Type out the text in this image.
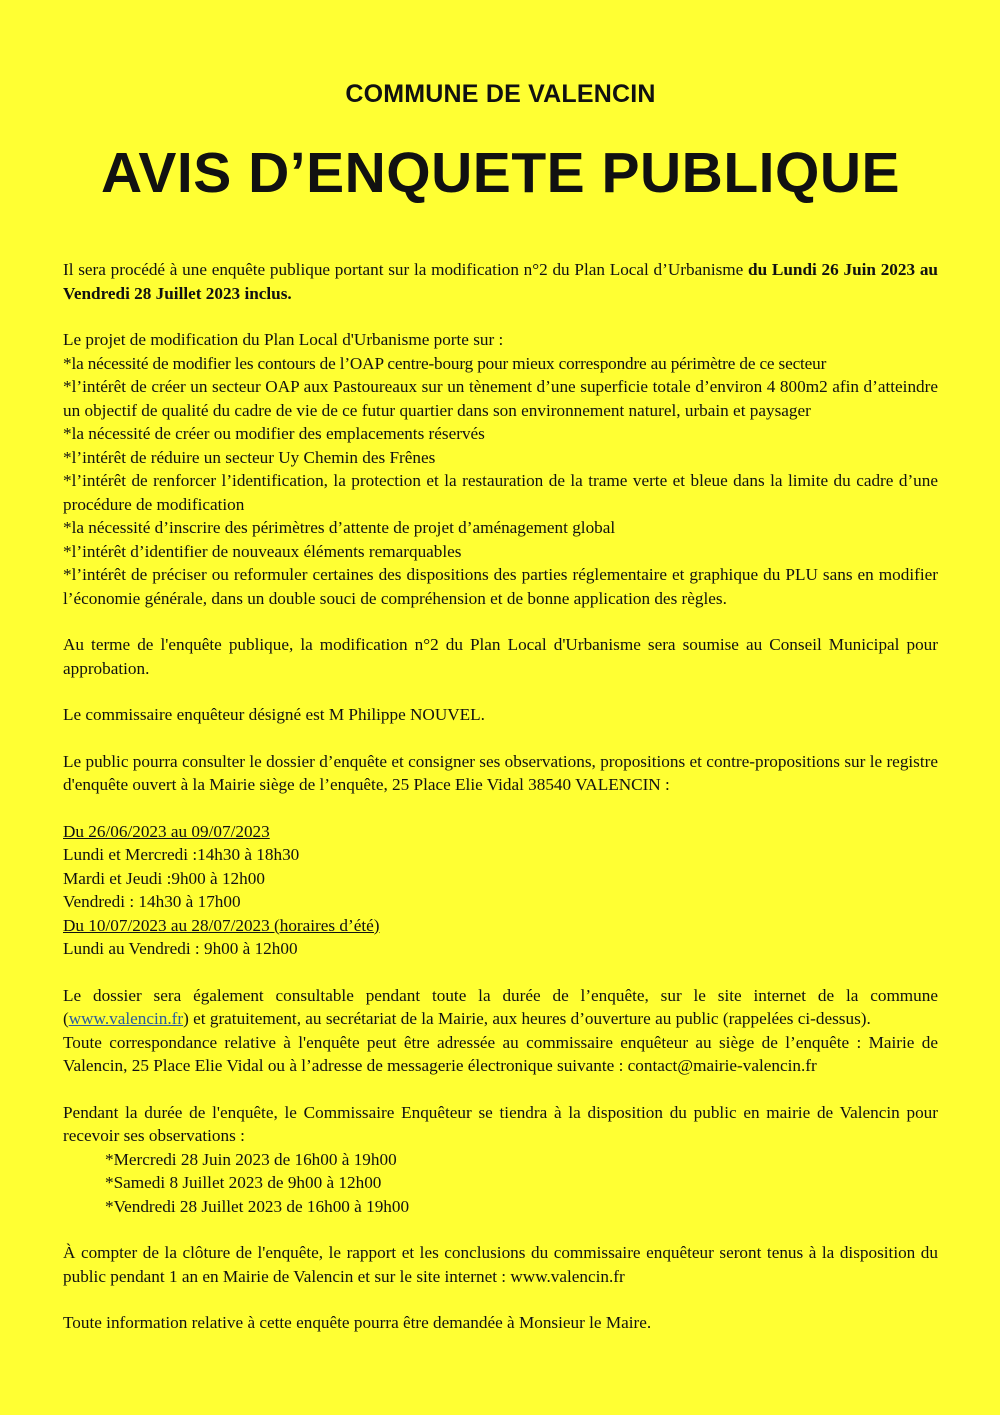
COMMUNE DE VALENCIN
AVIS D’ENQUETE PUBLIQUE

Il sera procédé à une enquête publique portant sur la modification n°2 du Plan Local d’Urbanisme du Lundi 26 Juin 2023 au Vendredi 28 Juillet 2023 inclus.

Le projet de modification du Plan Local d'Urbanisme porte sur :
*la nécessité de modifier les contours de l’OAP centre-bourg pour mieux correspondre au périmètre de ce secteur
*l’intérêt de créer un secteur OAP aux Pastoureaux sur un tènement d’une superficie totale d’environ 4 800m2 afin d’atteindre un objectif de qualité du cadre de vie de ce futur quartier dans son environnement naturel, urbain et paysager
*la nécessité de créer ou modifier des emplacements réservés
*l’intérêt de réduire un secteur Uy Chemin des Frênes
*l’intérêt de renforcer l’identification, la protection et la restauration de la trame verte et bleue dans la limite du cadre d’une procédure de modification
*la nécessité d’inscrire des périmètres d’attente de projet d’aménagement global
*l’intérêt d’identifier de nouveaux éléments remarquables
*l’intérêt de préciser ou reformuler certaines des dispositions des parties réglementaire et graphique du PLU sans en modifier l’économie générale, dans un double souci de compréhension et de bonne application des règles.

Au terme de l'enquête publique, la modification n°2 du Plan Local d'Urbanisme sera soumise au Conseil Municipal pour approbation.

Le commissaire enquêteur désigné est M Philippe NOUVEL.

Le public pourra consulter le dossier d’enquête et consigner ses observations, propositions et contre-propositions sur le registre d'enquête ouvert à la Mairie siège de l’enquête, 25 Place Elie Vidal 38540 VALENCIN :

Du 26/06/2023 au 09/07/2023
Lundi et Mercredi :14h30 à 18h30
Mardi et Jeudi :9h00 à 12h00
Vendredi : 14h30 à 17h00
Du 10/07/2023 au 28/07/2023 (horaires d’été)
Lundi au Vendredi : 9h00 à 12h00

Le dossier sera également consultable pendant toute la durée de l’enquête, sur le site internet de la commune (www.valencin.fr) et gratuitement, au secrétariat de la Mairie, aux heures d’ouverture au public (rappelées ci-dessus).

Toute correspondance relative à l'enquête peut être adressée au commissaire enquêteur au siège de l’enquête : Mairie de Valencin, 25 Place Elie Vidal ou à l’adresse de messagerie électronique suivante : contact@mairie-valencin.fr

Pendant la durée de l'enquête, le Commissaire Enquêteur se tiendra à la disposition du public en mairie de Valencin pour recevoir ses observations :
*Mercredi 28 Juin 2023 de 16h00 à 19h00
*Samedi 8 Juillet 2023 de 9h00 à 12h00
*Vendredi 28 Juillet 2023 de 16h00 à 19h00

À compter de la clôture de l'enquête, le rapport et les conclusions du commissaire enquêteur seront tenus à la disposition du public pendant 1 an en Mairie de Valencin et sur le site internet : www.valencin.fr

Toute information relative à cette enquête pourra être demandée à Monsieur le Maire.
